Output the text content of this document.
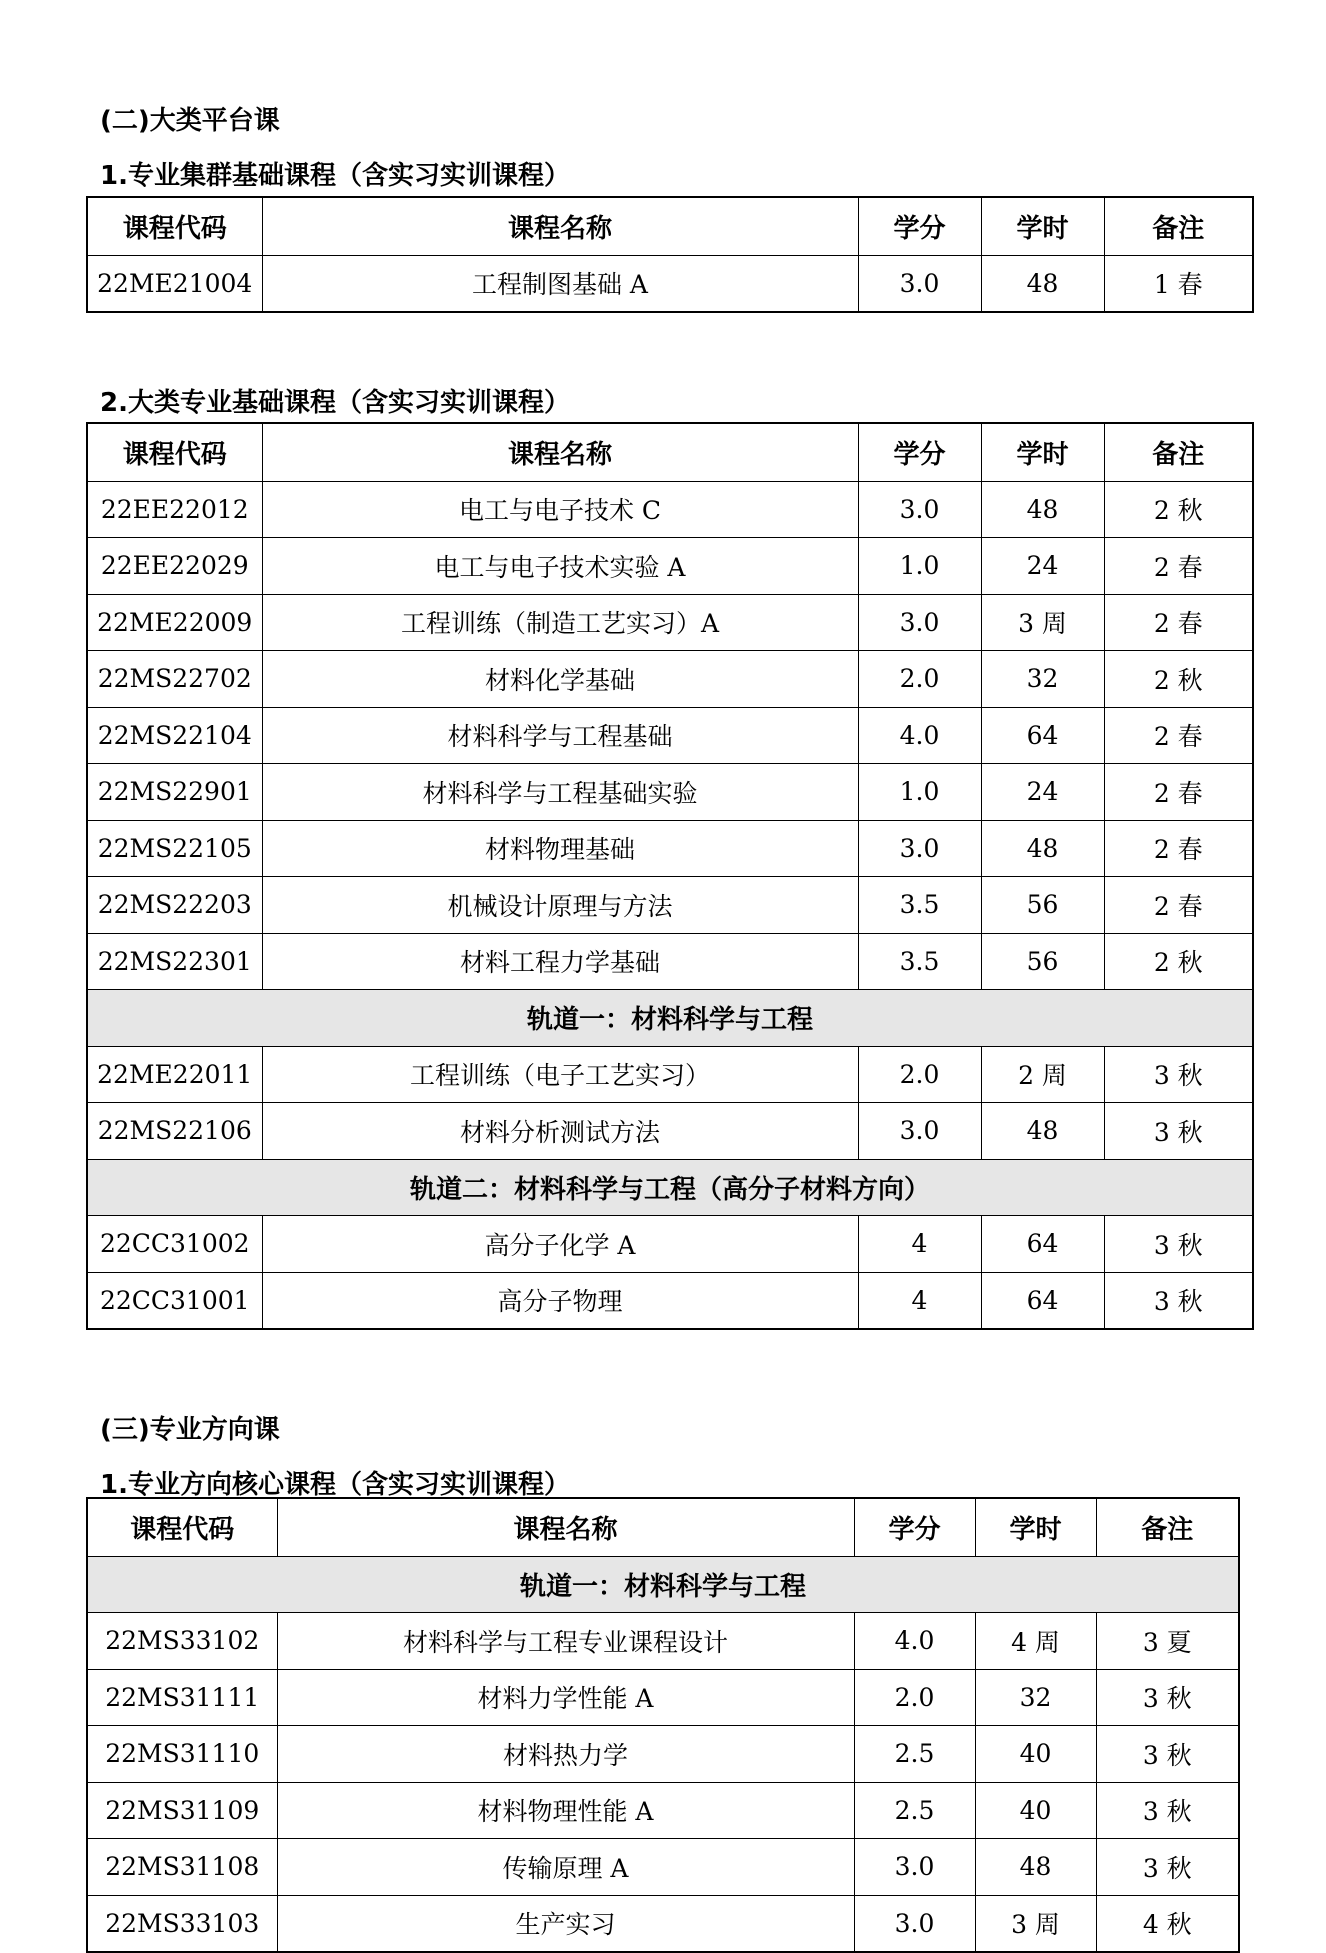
(二)大类平台课
1.专业集群基础课程（含实习实训课程）
课程代码	课程名称	学分	学时	备注
22ME21004	工程制图基础 A	3.0	48	1 春
2.大类专业基础课程（含实习实训课程）
课程代码	课程名称	学分	学时	备注
22EE22012	电工与电子技术 C	3.0	48	2 秋
22EE22029	电工与电子技术实验 A	1.0	24	2 春
22ME22009	工程训练（制造工艺实习）A	3.0	3 周	2 春
22MS22702	材料化学基础	2.0	32	2 秋
22MS22104	材料科学与工程基础	4.0	64	2 春
22MS22901	材料科学与工程基础实验	1.0	24	2 春
22MS22105	材料物理基础	3.0	48	2 春
22MS22203	机械设计原理与方法	3.5	56	2 春
22MS22301	材料工程力学基础	3.5	56	2 秋
轨道一：材料科学与工程				
22ME22011	工程训练（电子工艺实习）	2.0	2 周	3 秋
22MS22106	材料分析测试方法	3.0	48	3 秋
轨道二：材料科学与工程（高分子材料方向）				
22CC31002	高分子化学 A	4	64	3 秋
22CC31001	高分子物理	4	64	3 秋
(三)专业方向课
1.专业方向核心课程（含实习实训课程）
课程代码	课程名称	学分	学时	备注
轨道一：材料科学与工程				
22MS33102	材料科学与工程专业课程设计	4.0	4 周	3 夏
22MS31111	材料力学性能 A	2.0	32	3 秋
22MS31110	材料热力学	2.5	40	3 秋
22MS31109	材料物理性能 A	2.5	40	3 秋
22MS31108	传输原理 A	3.0	48	3 秋
22MS33103	生产实习	3.0	3 周	4 秋
